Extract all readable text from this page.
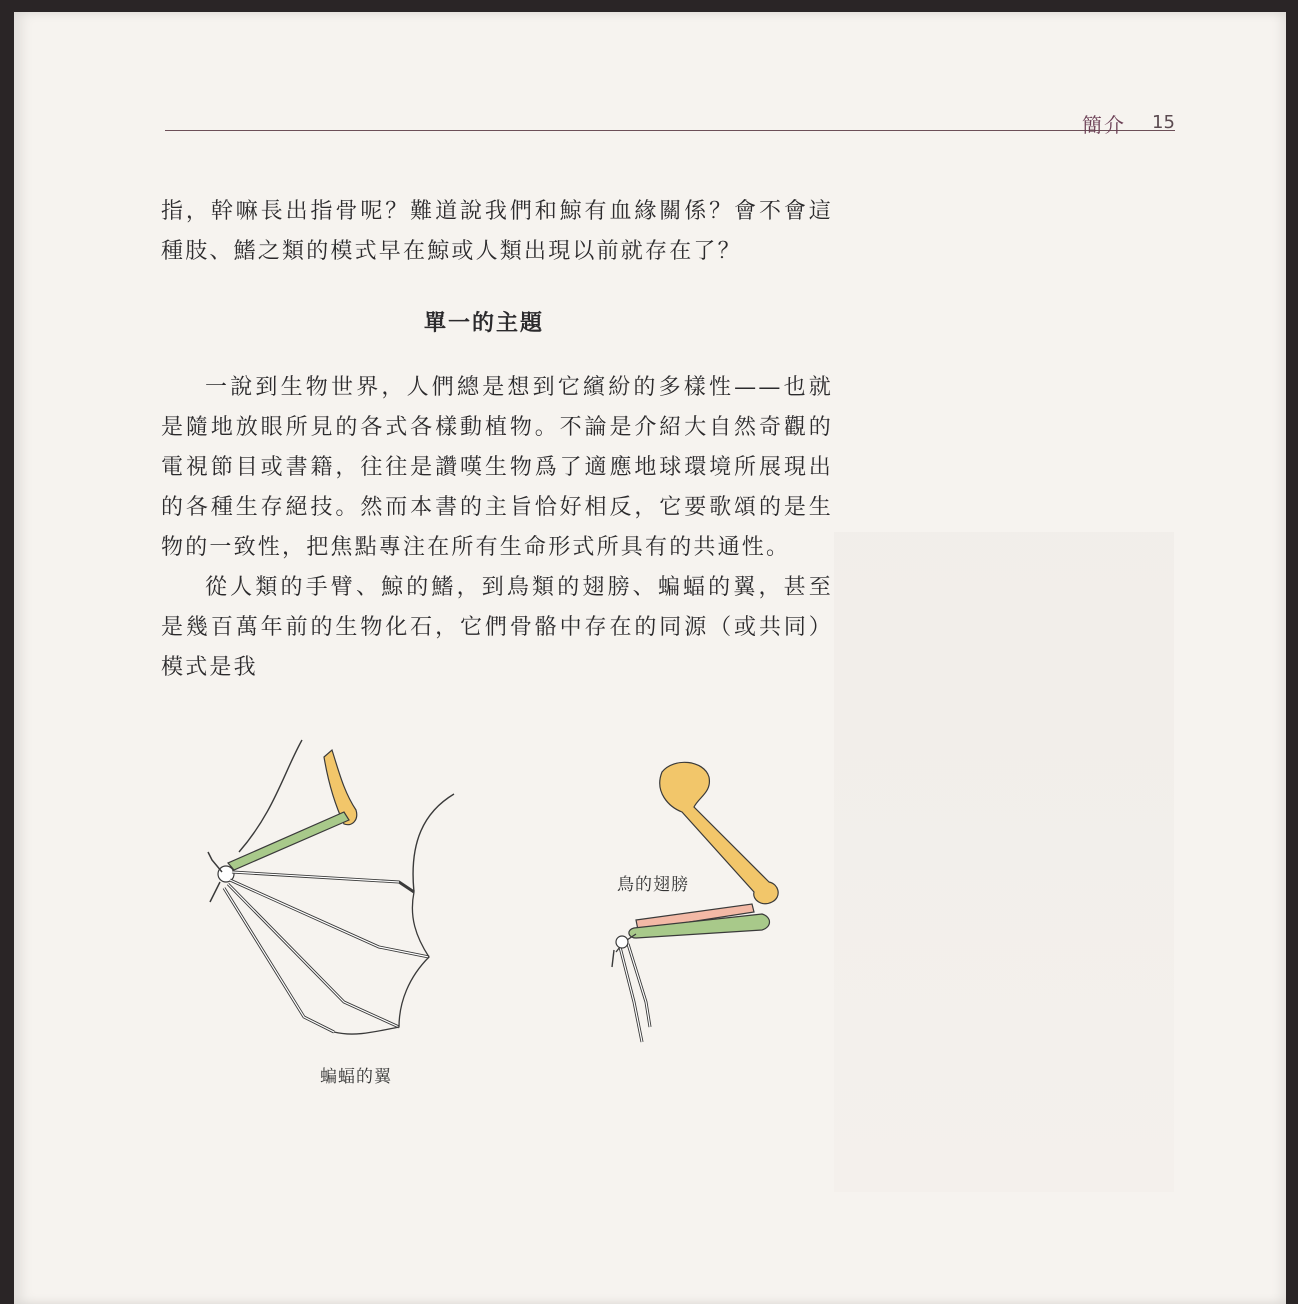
簡介 15
指，幹嘛長出指骨呢？難道說我們和鯨有血緣關係？會不會這種肢、鰭之類的模式早在鯨或人類出現以前就存在了？
單一的主題
一說到生物世界，人們總是想到它繽紛的多樣性——也就是隨地放眼所見的各式各樣動植物。不論是介紹大自然奇觀的電視節目或書籍，往往是讚嘆生物爲了適應地球環境所展現出的各種生存絕技。然而本書的主旨恰好相反，它要歌頌的是生物的一致性，把焦點專注在所有生命形式所具有的共通性。
從人類的手臂、鯨的鰭，到鳥類的翅膀、蝙蝠的翼，甚至是幾百萬年前的生物化石，它們骨骼中存在的同源（或共同）模式是我
蝙蝠的翼
鳥的翅膀
